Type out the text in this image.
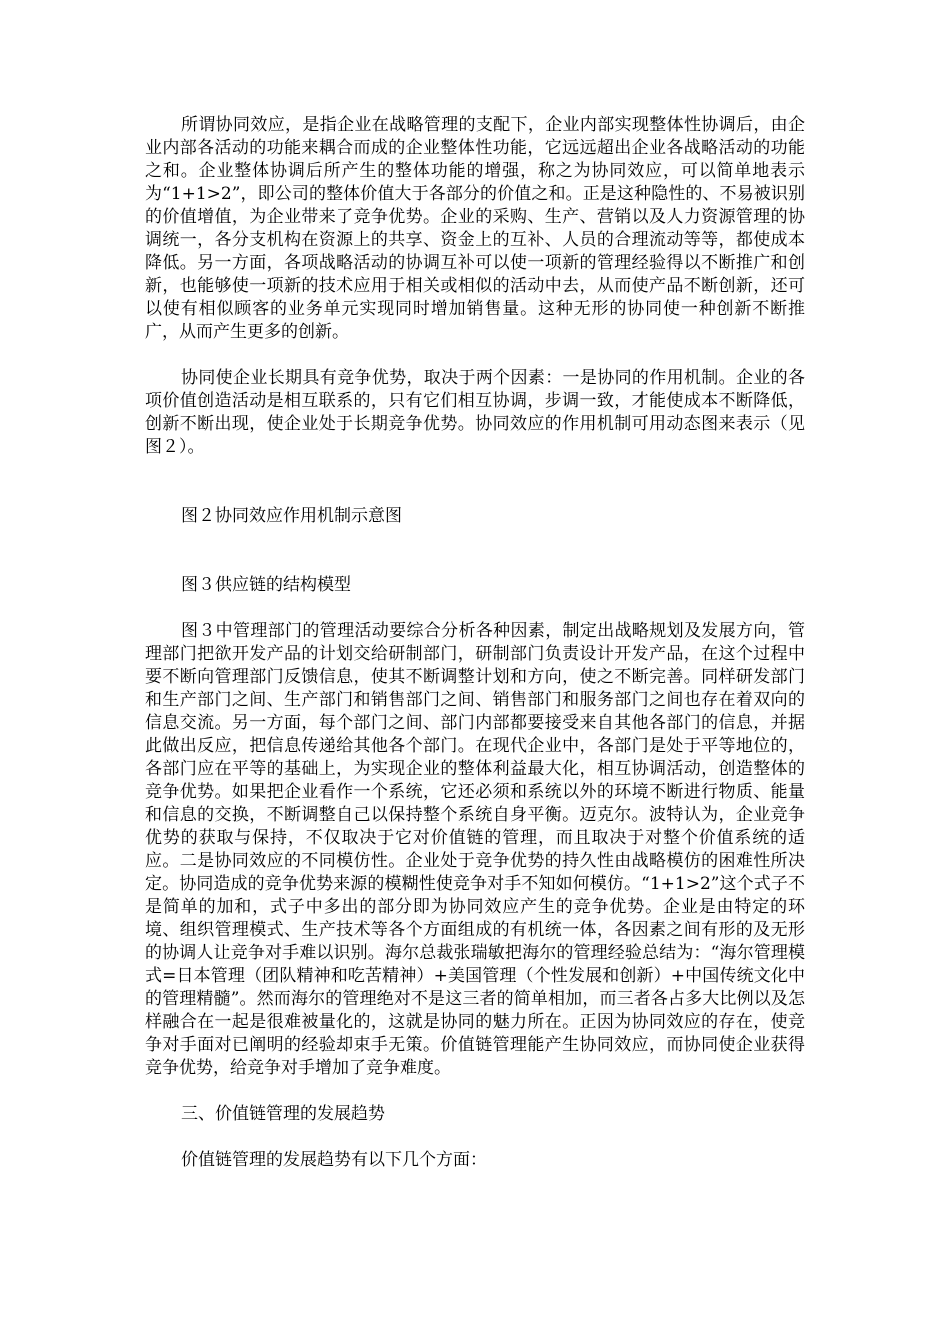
所谓协同效应，是指企业在战略管理的支配下，企业内部实现整体性协调后，由企业内部各活动的功能来耦合而成的企业整体性功能，它远远超出企业各战略活动的功能之和。企业整体协调后所产生的整体功能的增强，称之为协同效应，可以简单地表示为“1+1>2”，即公司的整体价值大于各部分的价值之和。正是这种隐性的、不易被识别的价值增值，为企业带来了竞争优势。企业的采购、生产、营销以及人力资源管理的协调统一，各分支机构在资源上的共享、资金上的互补、人员的合理流动等等，都使成本降低。另一方面，各项战略活动的协调互补可以使一项新的管理经验得以不断推广和创新，也能够使一项新的技术应用于相关或相似的活动中去，从而使产品不断创新，还可以使有相似顾客的业务单元实现同时增加销售量。这种无形的协同使一种创新不断推广，从而产生更多的创新。

协同使企业长期具有竞争优势，取决于两个因素：一是协同的作用机制。企业的各项价值创造活动是相互联系的，只有它们相互协调，步调一致，才能使成本不断降低，创新不断出现，使企业处于长期竞争优势。协同效应的作用机制可用动态图来表示（见图２）。

图２协同效应作用机制示意图

图３供应链的结构模型

图３中管理部门的管理活动要综合分析各种因素，制定出战略规划及发展方向，管理部门把欲开发产品的计划交给研制部门，研制部门负责设计开发产品，在这个过程中要不断向管理部门反馈信息，使其不断调整计划和方向，使之不断完善。同样研发部门和生产部门之间、生产部门和销售部门之间、销售部门和服务部门之间也存在着双向的信息交流。另一方面，每个部门之间、部门内部都要接受来自其他各部门的信息，并据此做出反应，把信息传递给其他各个部门。在现代企业中，各部门是处于平等地位的，各部门应在平等的基础上，为实现企业的整体利益最大化，相互协调活动，创造整体的竞争优势。如果把企业看作一个系统，它还必须和系统以外的环境不断进行物质、能量和信息的交换，不断调整自己以保持整个系统自身平衡。迈克尔。波特认为，企业竞争优势的获取与保持，不仅取决于它对价值链的管理，而且取决于对整个价值系统的适应。二是协同效应的不同模仿性。企业处于竞争优势的持久性由战略模仿的困难性所决定。协同造成的竞争优势来源的模糊性使竞争对手不知如何模仿。“1+1>2”这个式子不是简单的加和，式子中多出的部分即为协同效应产生的竞争优势。企业是由特定的环境、组织管理模式、生产技术等各个方面组成的有机统一体，各因素之间有形的及无形的协调人让竞争对手难以识别。海尔总裁张瑞敏把海尔的管理经验总结为：“海尔管理模式=日本管理（团队精神和吃苦精神）+美国管理（个性发展和创新）+中国传统文化中的管理精髓”。然而海尔的管理绝对不是这三者的简单相加，而三者各占多大比例以及怎样融合在一起是很难被量化的，这就是协同的魅力所在。正因为协同效应的存在，使竞争对手面对已阐明的经验却束手无策。价值链管理能产生协同效应，而协同使企业获得竞争优势，给竞争对手增加了竞争难度。

三、价值链管理的发展趋势

价值链管理的发展趋势有以下几个方面：
